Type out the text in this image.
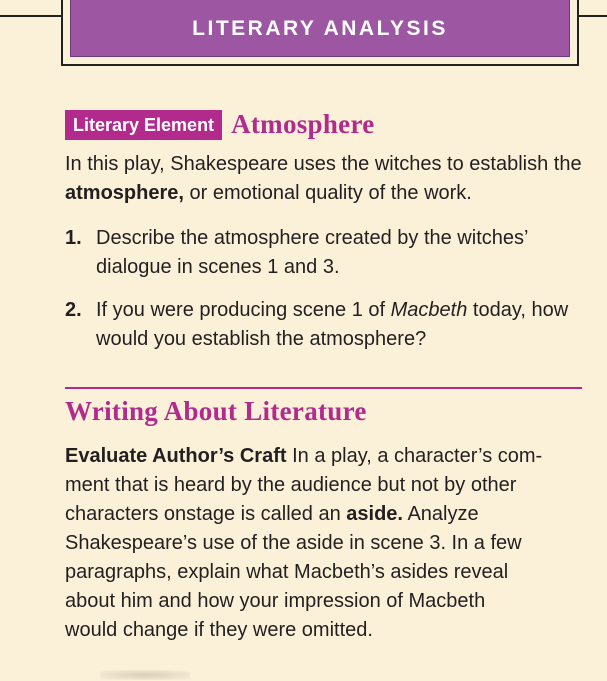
LITERARY ANALYSIS
Literary Element Atmosphere

In this play, Shakespeare uses the witches to establish the atmosphere, or emotional quality of the work.

1. Describe the atmosphere created by the witches’ dialogue in scenes 1 and 3.
2. If you were producing scene 1 of Macbeth today, how would you establish the atmosphere?
Writing About Literature

Evaluate Author’s Craft In a play, a character’s com-
ment that is heard by the audience but not by other
characters onstage is called an aside. Analyze
Shakespeare’s use of the aside in scene 3. In a few
paragraphs, explain what Macbeth’s asides reveal
about him and how your impression of Macbeth
would change if they were omitted.
